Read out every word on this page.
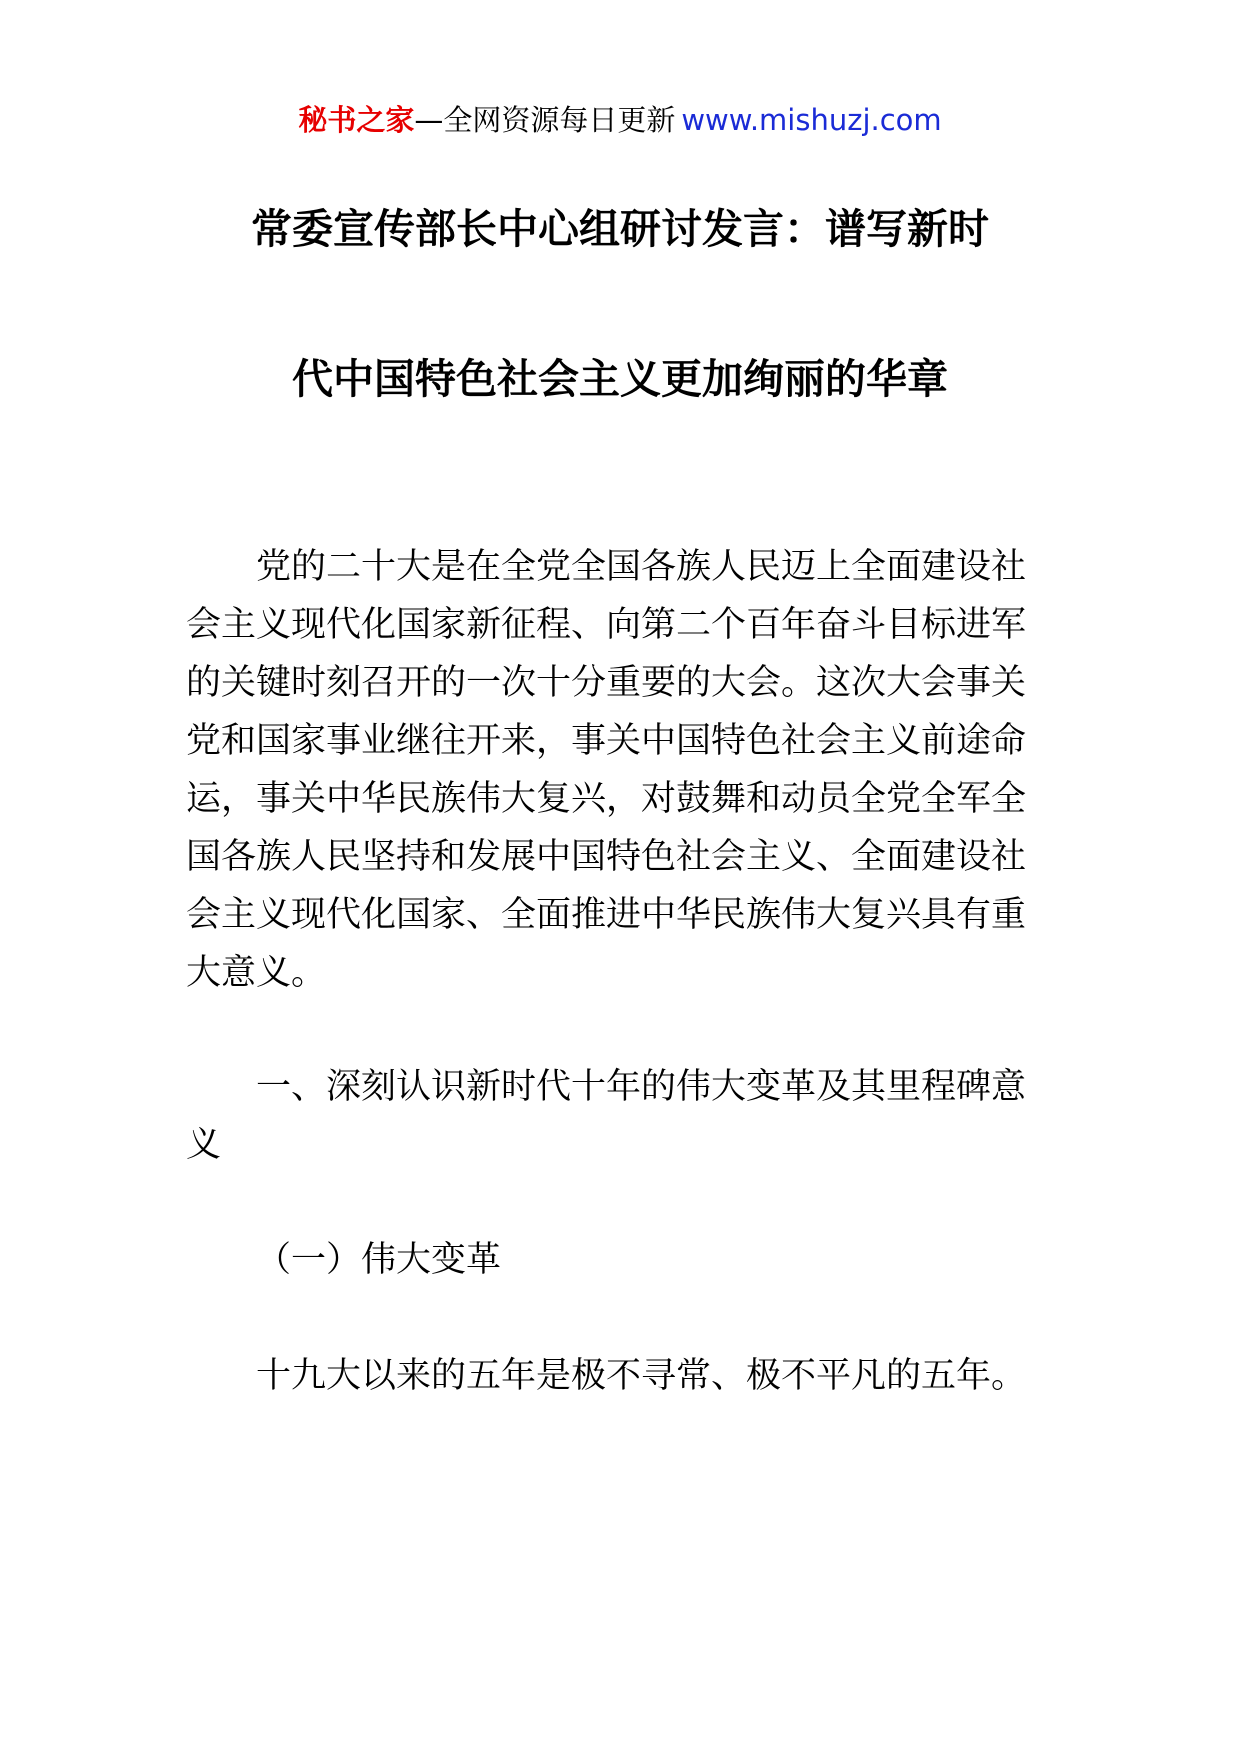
秘书之家—全网资源每日更新 www.mishuzj.com
常委宣传部长中心组研讨发言：谱写新时
代中国特色社会主义更加绚丽的华章
党的二十大是在全党全国各族人民迈上全面建设社
会主义现代化国家新征程、向第二个百年奋斗目标进军
的关键时刻召开的一次十分重要的大会。这次大会事关
党和国家事业继往开来，事关中国特色社会主义前途命
运，事关中华民族伟大复兴，对鼓舞和动员全党全军全
国各族人民坚持和发展中国特色社会主义、全面建设社
会主义现代化国家、全面推进中华民族伟大复兴具有重
大意义。
一、深刻认识新时代十年的伟大变革及其里程碑意
义
（一）伟大变革
十九大以来的五年是极不寻常、极不平凡的五年。
